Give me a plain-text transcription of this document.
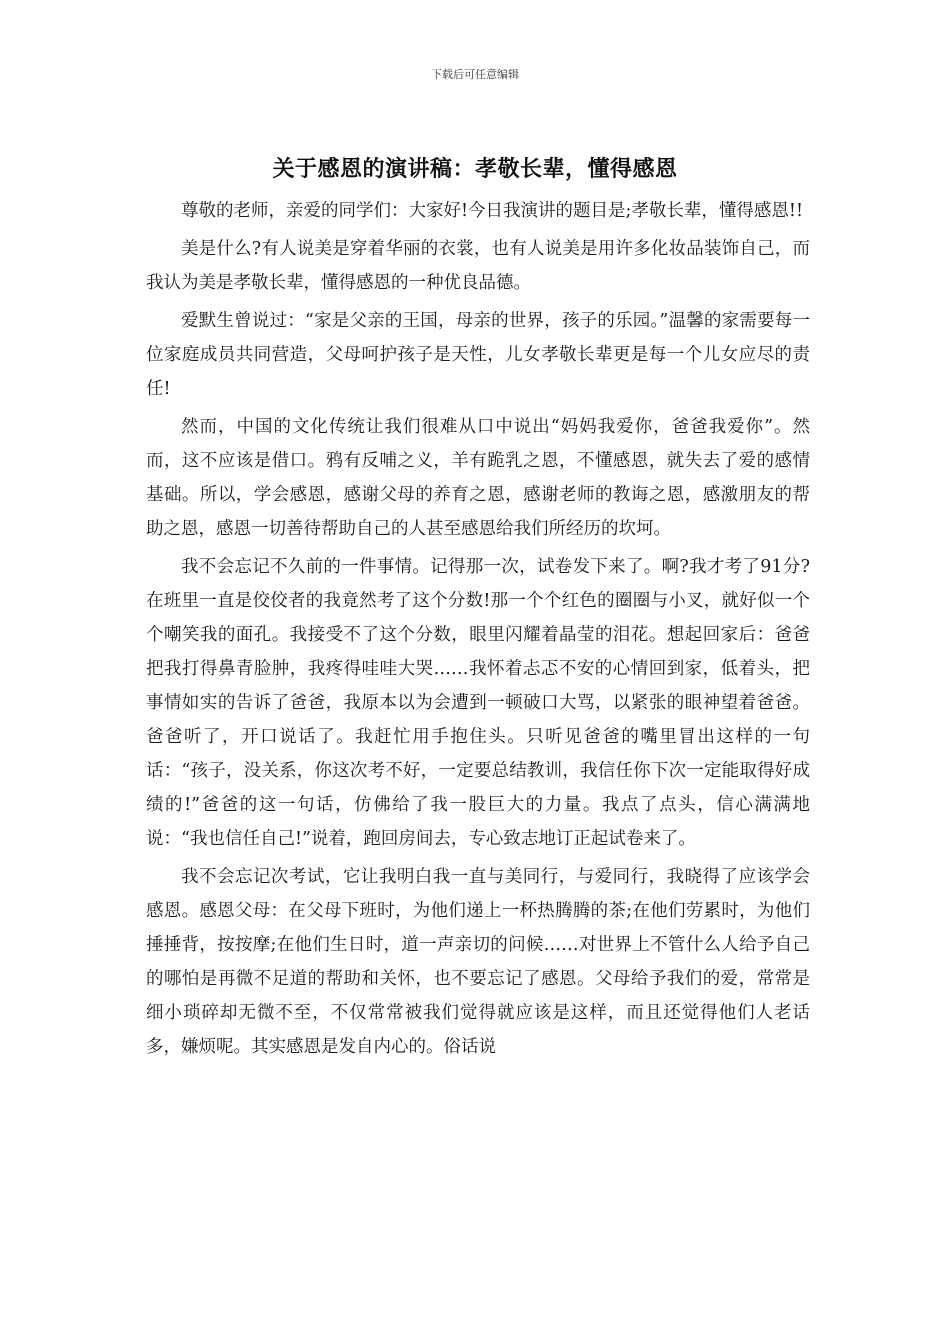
下载后可任意编辑
关于感恩的演讲稿：孝敬长辈，懂得感恩

尊敬的老师，亲爱的同学们：大家好!今日我演讲的题目是;孝敬长辈，懂得感恩!!

美是什么?有人说美是穿着华丽的衣裳，也有人说美是用许多化妆品装饰自己，而我认为美是孝敬长辈，懂得感恩的一种优良品德。

爱默生曾说过：“家是父亲的王国，母亲的世界，孩子的乐园。”温馨的家需要每一位家庭成员共同营造，父母呵护孩子是天性，儿女孝敬长辈更是每一个儿女应尽的责任!

然而，中国的文化传统让我们很难从口中说出“妈妈我爱你，爸爸我爱你”。然而，这不应该是借口。鸦有反哺之义，羊有跪乳之恩，不懂感恩，就失去了爱的感情基础。所以，学会感恩，感谢父母的养育之恩，感谢老师的教诲之恩，感激朋友的帮助之恩，感恩一切善待帮助自己的人甚至感恩给我们所经历的坎坷。

我不会忘记不久前的一件事情。记得那一次，试卷发下来了。啊?我才考了91分?在班里一直是佼佼者的我竟然考了这个分数!那一个个红色的圈圈与小叉，就好似一个个嘲笑我的面孔。我接受不了这个分数，眼里闪耀着晶莹的泪花。想起回家后：爸爸把我打得鼻青脸肿，我疼得哇哇大哭……我怀着忐忑不安的心情回到家，低着头，把事情如实的告诉了爸爸，我原本以为会遭到一顿破口大骂，以紧张的眼神望着爸爸。爸爸听了，开口说话了。我赶忙用手抱住头。只听见爸爸的嘴里冒出这样的一句话：“孩子，没关系，你这次考不好，一定要总结教训，我信任你下次一定能取得好成绩的!”爸爸的这一句话，仿佛给了我一股巨大的力量。我点了点头，信心满满地说：“我也信任自己!”说着，跑回房间去，专心致志地订正起试卷来了。

我不会忘记次考试，它让我明白我一直与美同行，与爱同行，我晓得了应该学会感恩。感恩父母：在父母下班时，为他们递上一杯热腾腾的茶;在他们劳累时，为他们捶捶背，按按摩;在他们生日时，道一声亲切的问候……对世界上不管什么人给予自己的哪怕是再微不足道的帮助和关怀，也不要忘记了感恩。父母给予我们的爱，常常是细小琐碎却无微不至，不仅常常被我们觉得就应该是这样，而且还觉得他们人老话多，嫌烦呢。其实感恩是发自内心的。俗话说
